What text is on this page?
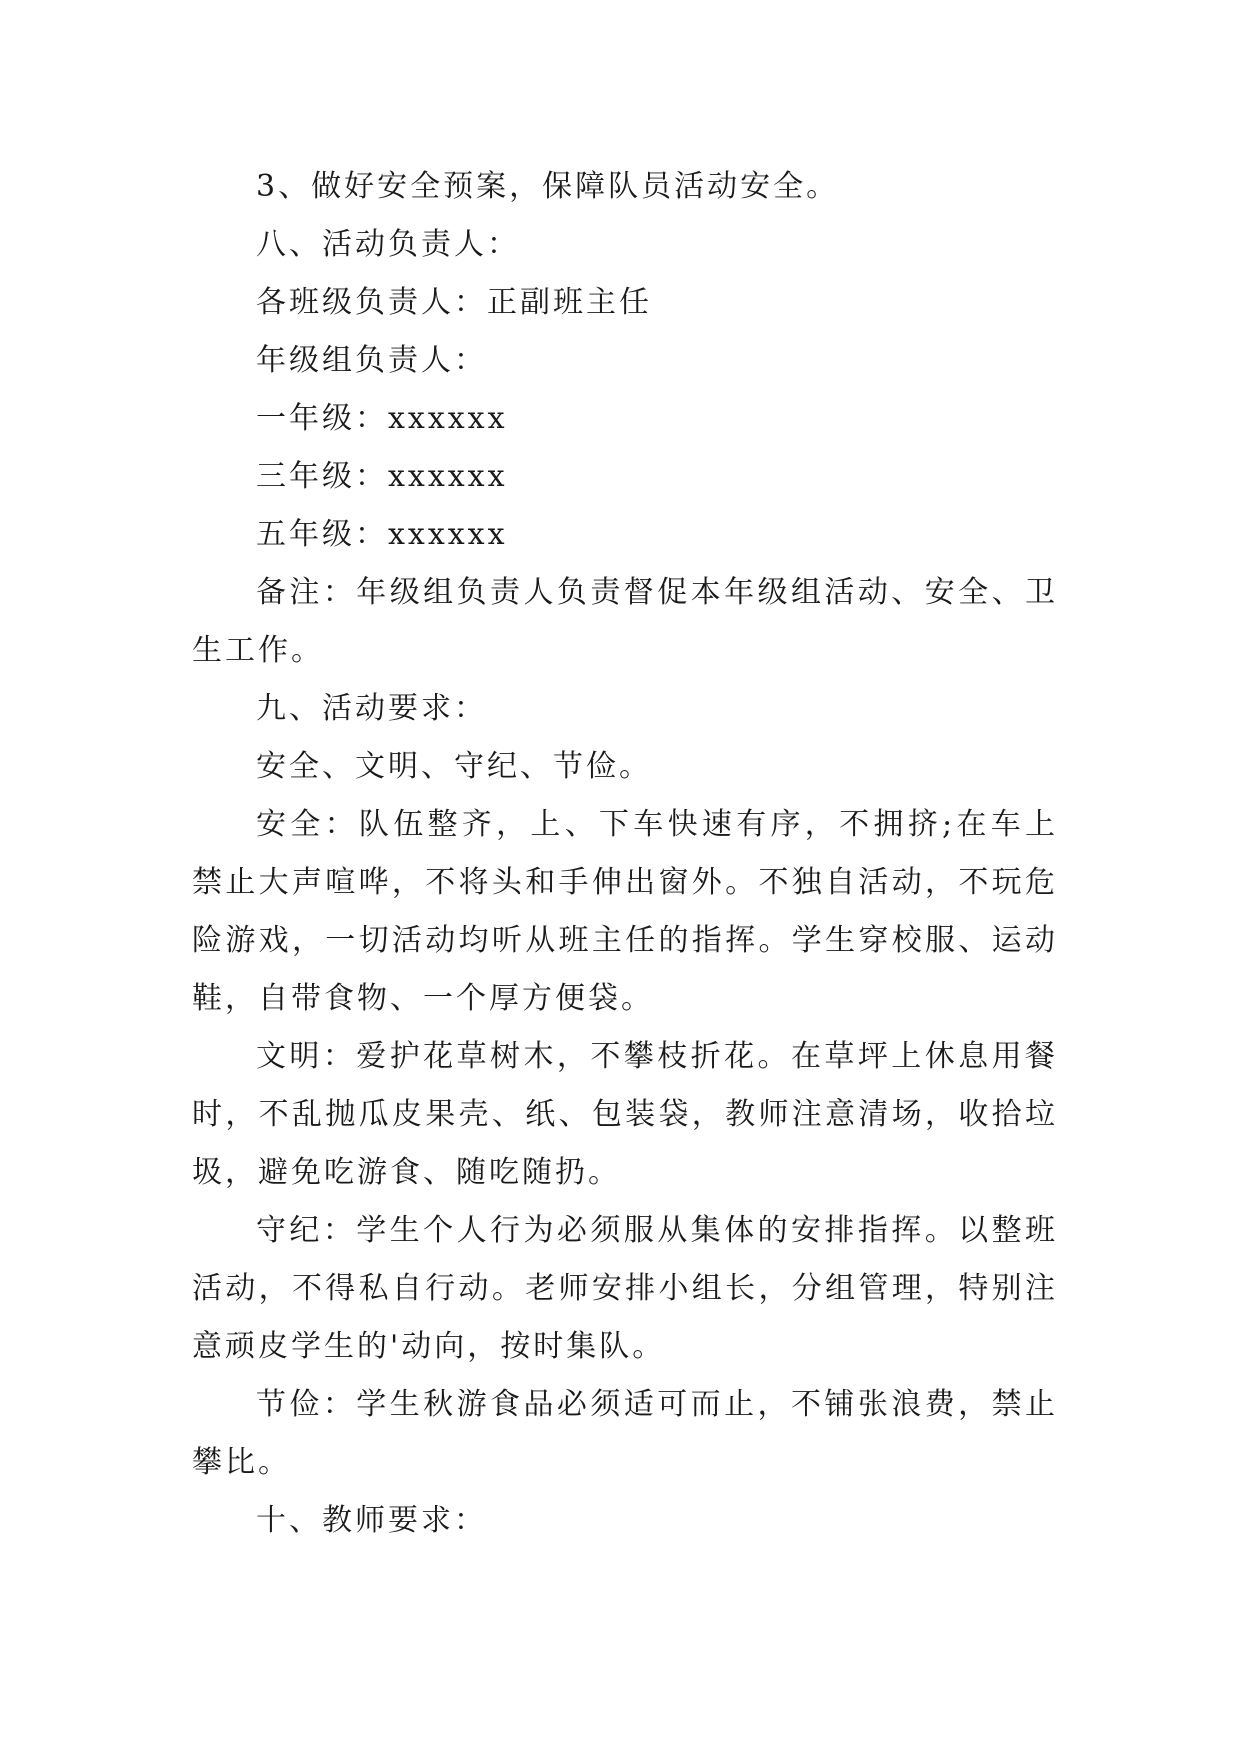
3、做好安全预案，保障队员活动安全。

八、活动负责人：

各班级负责人：正副班主任

年级组负责人：

一年级：xxxxxx

三年级：xxxxxx

五年级：xxxxxx

备注：年级组负责人负责督促本年级组活动、安全、卫生工作。

九、活动要求：

安全、文明、守纪、节俭。

安全：队伍整齐，上、下车快速有序，不拥挤;在车上禁止大声喧哗，不将头和手伸出窗外。不独自活动，不玩危险游戏，一切活动均听从班主任的指挥。学生穿校服、运动鞋，自带食物、一个厚方便袋。

文明：爱护花草树木，不攀枝折花。在草坪上休息用餐时，不乱抛瓜皮果壳、纸、包装袋，教师注意清场，收拾垃圾，避免吃游食、随吃随扔。

守纪：学生个人行为必须服从集体的安排指挥。以整班活动，不得私自行动。老师安排小组长，分组管理，特别注意顽皮学生的'动向，按时集队。

节俭：学生秋游食品必须适可而止，不铺张浪费，禁止攀比。

十、教师要求：
